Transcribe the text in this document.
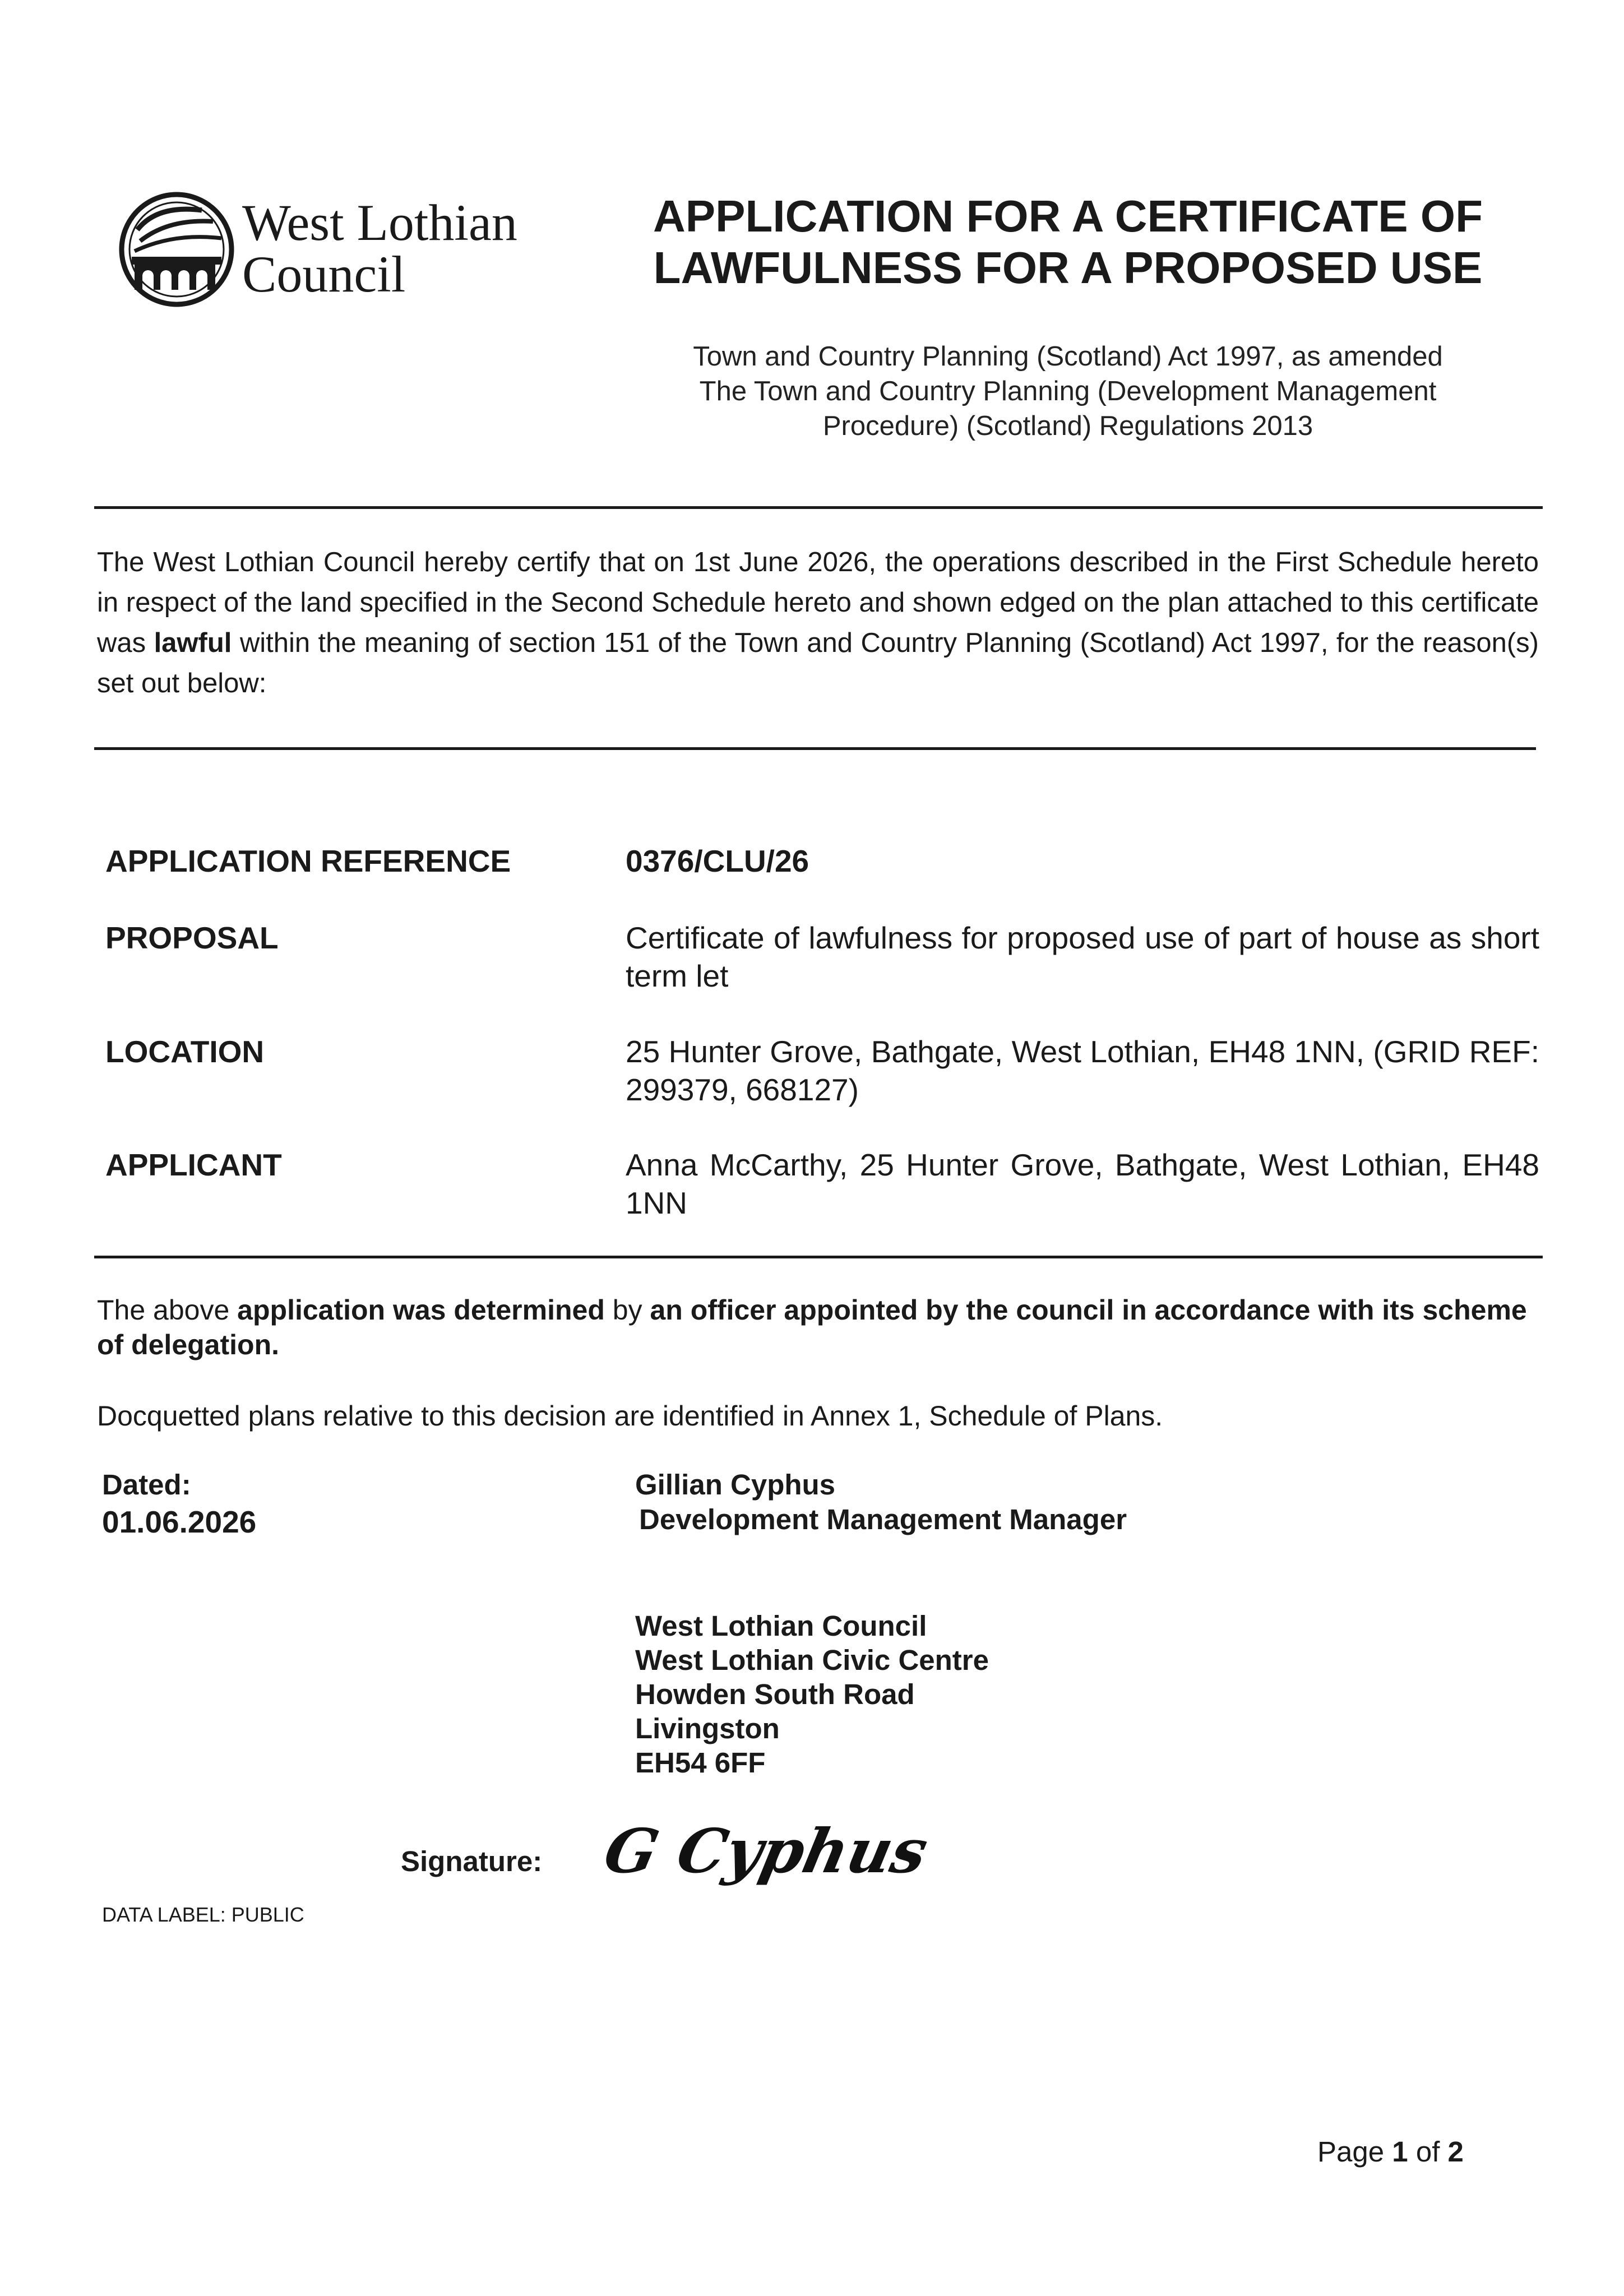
West Lothian
Council
APPLICATION FOR A CERTIFICATE OF
LAWFULNESS FOR A PROPOSED USE
Town and Country Planning (Scotland) Act 1997, as amended
The Town and Country Planning (Development Management
Procedure) (Scotland) Regulations 2013
The West Lothian Council hereby certify that on 1st June 2026, the operations described in the First Schedule hereto in respect of the land specified in the Second Schedule hereto and shown edged on the plan attached to this certificate was lawful within the meaning of section 151 of the Town and Country Planning (Scotland) Act 1997, for the reason(s) set out below:
APPLICATION REFERENCE	0376/CLU/26
PROPOSAL	Certificate of lawfulness for proposed use of part of house as short term let
LOCATION	25 Hunter Grove, Bathgate, West Lothian, EH48 1NN, (GRID REF: 299379, 668127)
APPLICANT	Anna McCarthy, 25 Hunter Grove, Bathgate, West Lothian, EH48 1NN
The above application was determined by an officer appointed by the council in accordance with its scheme of delegation.
Docquetted plans relative to this decision are identified in Annex 1, Schedule of Plans.
Dated:
01.06.2026
Gillian Cyphus
Development Management Manager
West Lothian Council
West Lothian Civic Centre
Howden South Road
Livingston
EH54 6FF
Signature: G Cyphus
DATA LABEL: PUBLIC
Page 1 of 2
